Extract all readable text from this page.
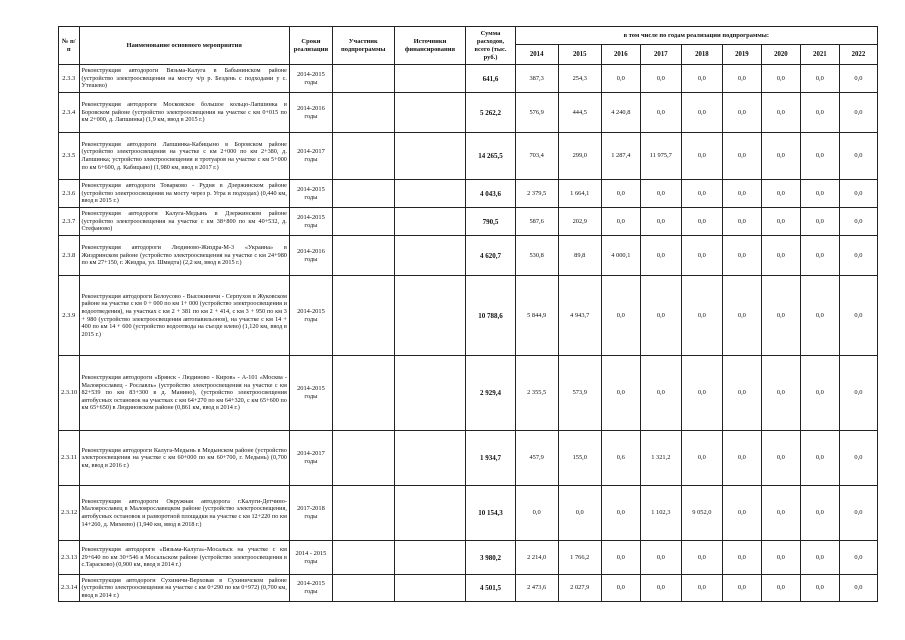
№ п/п	Наименование основного мероприятия	Сроки реализации	Участник подпрограммы	Источники финансирования	Сумма расходов, всего (тыс. руб.)	в том числе по годам реализации подпрограммы:								
						2014	2015	2016	2017	2018	2019	2020	2021	2022
2.3.3	Реконструкция автодороги Вязьма-Калуга в Бабынинском районе (устройство электроосвещения на мосту ч/р р. Бездень с подходами у с. Утешево)	2014-2015 годы			641,6	387,3	254,3	0,0	0,0	0,0	0,0	0,0	0,0	0,0
2.3.4	Реконструкция автодороги Московское большое кольцо-Лапшинка в Боровском районе (устройство электроосвещения на участке с км 0+015 по км 2+000, д. Лапшинка) (1,9 км, ввод в 2015 г.)	2014-2016 годы			5 262,2	576,9	444,5	4 240,8	0,0	0,0	0,0	0,0	0,0	0,0
2.3.5	Реконструкция автодороги Лапшинка-Кабицыно в Боровском районе (устройство электроосвещения на участке с км 2+000 по км 2+380, д. Лапшинка; устройство электроосвещения и тротуаров на участке с км 5+000 по км 6+600, д. Кабицыно) (1,980 км, ввод в 2017 г.)	2014-2017 годы			14 265,5	703,4	299,0	1 287,4	11 975,7	0,0	0,0	0,0	0,0	0,0
2.3.6	Реконструкция автодороги Товарково - Рудня в Дзержинском районе (устройство электроосвещения на мосту через р. Угра и подходах) (0,440 км, ввод в 2015 г.)	2014-2015 годы			4 043,6	2 379,5	1 664,1	0,0	0,0	0,0	0,0	0,0	0,0	0,0
2.3.7	Реконструкция автодороги Калуга-Медынь в Дзержинском районе (устройство электроосвещения на участке с км 38+800 по км 40+532, д. Стефаново)	2014-2015 годы			790,5	587,6	202,9	0,0	0,0	0,0	0,0	0,0	0,0	0,0
2.3.8	Реконструкция автодороги Людиново-Жиздра-М-3 «Украина» в Жиздринском районе (устройство электроосвещения на участке с км 24+980 по км 27+150, г. Жиздра, ул. Шмидта) (2,2 км, ввод в 2015 г.)	2014-2016 годы			4 620,7	530,8	89,8	4 000,1	0,0	0,0	0,0	0,0	0,0	0,0
2.3.9	Реконструкция автодороги Белоусово - Высокиничи - Серпухов в Жуковском районе на участке с км 0 + 000 по км 1+ 000 (устройство электроосвещения и водоотведения), на участках с км 2 + 381 по км 2 + 414, с км 3 + 950 по км 3 + 980 (устройство электроосвещения автопавильонов), на участке с км 14 + 400 по км 14 + 600 (устройство водоотвода на съезде влево) (1,120 км, ввод в 2015 г.)	2014-2015 годы			10 788,6	5 844,9	4 943,7	0,0	0,0	0,0	0,0	0,0	0,0	0,0
2.3.10	Реконструкция автодороги «Брянск - Людиново - Киров» - А-101 «Москва - Малоярославец - Рославль» (устройство электроосвещения на участке с км 82+539 по км 83+300 в д. Манино), (устройство электроосвещения автобусных остановок на участках с км 64+270 по км 64+320, с км 65+600 по км 65+650) в Людиновском районе (0,861 км, ввод в 2014 г.)	2014-2015 годы			2 929,4	2 355,5	573,9	0,0	0,0	0,0	0,0	0,0	0,0	0,0
2.3.11	Реконструкция автодороги Калуга-Медынь в Медынском районе (устройство электроосвещения на участке с км 60+000 по км 60+700, г. Медынь) (0,700 км, ввод в 2016 г.)	2014-2017 годы			1 934,7	457,9	155,0	0,6	1 321,2	0,0	0,0	0,0	0,0	0,0
2.3.12	Реконструкция автодороги Окружная автодорога г.Калуги-Детчино-Малоярославец в Малоярославецком районе (устройство электроосвещения, автобусных остановок и разворотной площадки на участке с км 12+220 по км 14+260, д. Михеево) (1,940 км, ввод в 2018 г.)	2017-2018 годы			10 154,3	0,0	0,0	0,0	1 102,3	9 052,0	0,0	0,0	0,0	0,0
2.3.13	Реконструкция автодороги «Вязьма-Калуга»-Мосальск на участке с км 29+640 по км 30+546 в Мосальском районе (устройство электроосвещения в с.Тарасково) (0,900 км, ввод в 2014 г.)	2014 - 2015 годы			3 980,2	2 214,0	1 766,2	0,0	0,0	0,0	0,0	0,0	0,0	0,0
2.3.14	Реконструкция автодороги Сухиничи-Верховая в Сухиничском районе (устройство электроосвещения на участке с км 0+290 по км 0+972) (0,700 км, ввод в 2014 г.)	2014-2015 годы			4 501,5	2 473,6	2 027,9	0,0	0,0	0,0	0,0	0,0	0,0	0,0
